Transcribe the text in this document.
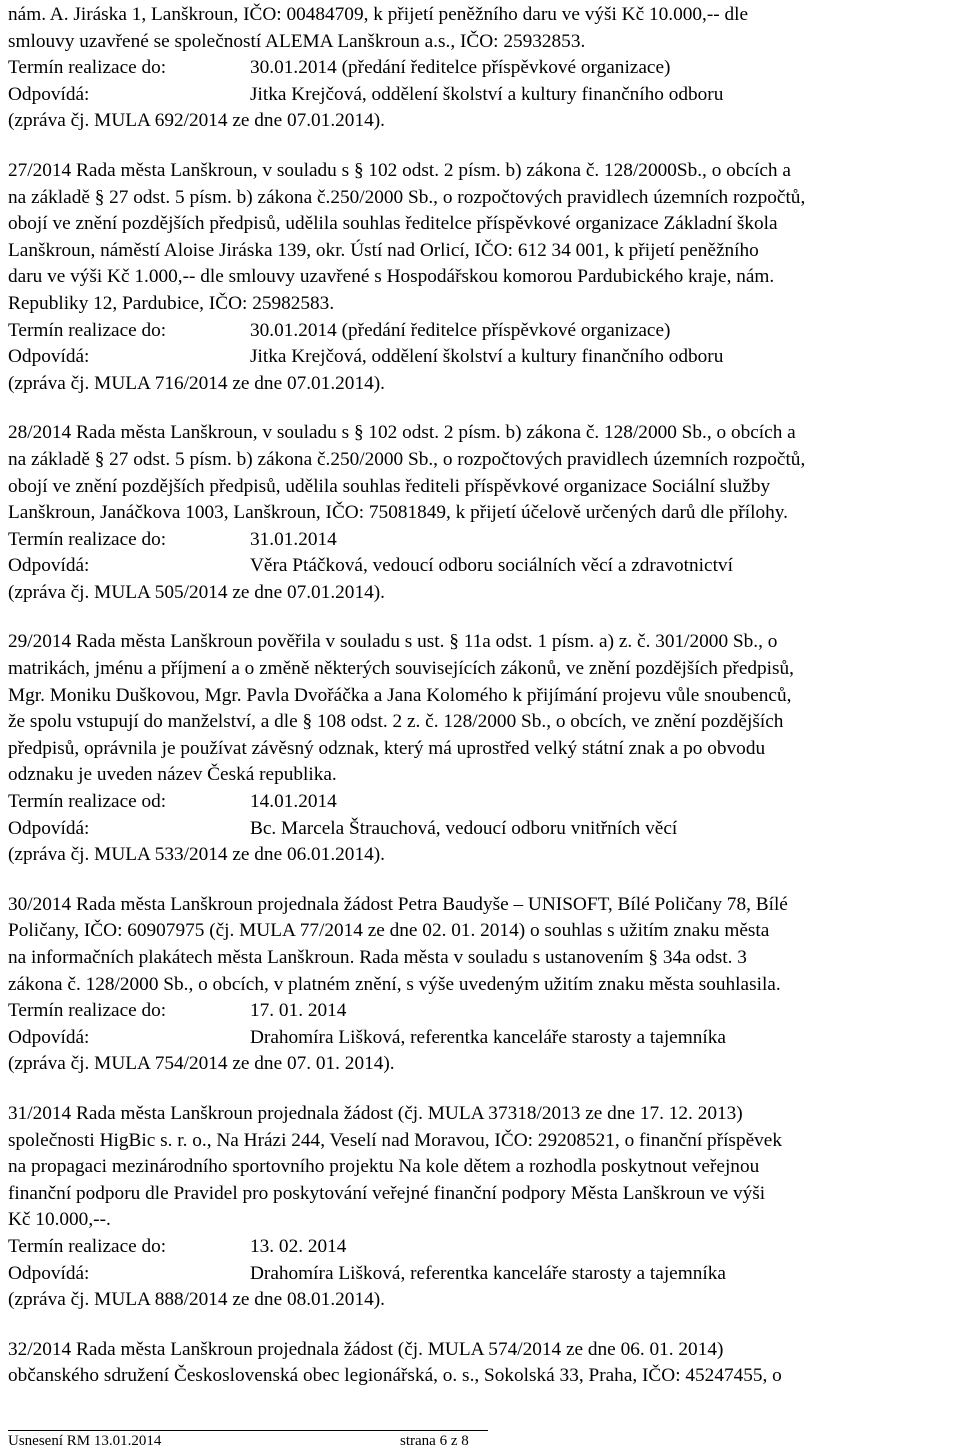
nám. A. Jiráska 1, Lanškroun, IČO: 00484709, k přijetí peněžního daru ve výši Kč 10.000,-- dle
smlouvy uzavřené se společností ALEMA Lanškroun a.s., IČO: 25932853.
Termín realizace do:	30.01.2014 (předání ředitelce příspěvkové organizace)
Odpovídá:	Jitka Krejčová, oddělení školství a kultury finančního odboru
(zpráva čj. MULA 692/2014 ze dne 07.01.2014).
27/2014 Rada města Lanškroun, v souladu s § 102 odst. 2 písm. b) zákona č. 128/2000Sb., o obcích a
na základě § 27 odst. 5 písm. b) zákona č.250/2000 Sb., o rozpočtových pravidlech územních rozpočtů,
obojí ve znění pozdějších předpisů, udělila souhlas ředitelce příspěvkové organizace Základní škola
Lanškroun, náměstí Aloise Jiráska 139, okr. Ústí nad Orlicí, IČO: 612 34 001, k přijetí peněžního
daru ve výši Kč 1.000,-- dle smlouvy uzavřené s Hospodářskou komorou Pardubického kraje, nám.
Republiky 12, Pardubice, IČO: 25982583.
Termín realizace do:	30.01.2014 (předání ředitelce příspěvkové organizace)
Odpovídá:	Jitka Krejčová, oddělení školství a kultury finančního odboru
(zpráva čj. MULA 716/2014 ze dne 07.01.2014).
28/2014 Rada města Lanškroun, v souladu s § 102 odst. 2 písm. b) zákona č. 128/2000 Sb., o obcích a
na základě § 27 odst. 5 písm. b) zákona č.250/2000 Sb., o rozpočtových pravidlech územních rozpočtů,
obojí ve znění pozdějších předpisů, udělila souhlas řediteli příspěvkové organizace Sociální služby
Lanškroun, Janáčkova 1003, Lanškroun, IČO: 75081849, k přijetí účelově určených darů dle přílohy.
Termín realizace do:	31.01.2014
Odpovídá:	Věra Ptáčková, vedoucí odboru sociálních věcí a zdravotnictví
(zpráva čj. MULA 505/2014 ze dne 07.01.2014).
29/2014 Rada města Lanškroun pověřila v souladu s ust. § 11a odst. 1 písm. a) z. č. 301/2000 Sb., o
matrikách, jménu a příjmení a o změně některých souvisejících zákonů, ve znění pozdějších předpisů,
Mgr. Moniku Duškovou, Mgr. Pavla Dvořáčka a Jana Kolomého k přijímání projevu vůle snoubenců,
že spolu vstupují do manželství, a dle § 108 odst. 2 z. č. 128/2000 Sb., o obcích, ve znění pozdějších
předpisů, oprávnila je používat závěsný odznak, který má uprostřed velký státní znak a po obvodu
odznaku je uveden název Česká republika.
Termín realizace od:	14.01.2014
Odpovídá:	Bc. Marcela Štrauchová, vedoucí odboru vnitřních věcí
(zpráva čj. MULA 533/2014 ze dne 06.01.2014).
30/2014 Rada města Lanškroun projednala žádost Petra Baudyše – UNISOFT, Bílé Poličany 78, Bílé
Poličany, IČO: 60907975 (čj. MULA 77/2014 ze dne 02. 01. 2014) o souhlas s užitím znaku města
na informačních plakátech města Lanškroun. Rada města v souladu s ustanovením § 34a odst. 3
zákona č. 128/2000 Sb., o obcích, v platném znění, s výše uvedeným užitím znaku města souhlasila.
Termín realizace do:	17. 01. 2014
Odpovídá:	Drahomíra Lišková, referentka kanceláře starosty a tajemníka
(zpráva čj. MULA 754/2014 ze dne 07. 01. 2014).
31/2014 Rada města Lanškroun projednala žádost (čj. MULA 37318/2013 ze dne 17. 12. 2013)
společnosti HigBic s. r. o., Na Hrázi 244, Veselí nad Moravou, IČO: 29208521, o finanční příspěvek
na propagaci mezinárodního sportovního projektu Na kole dětem a rozhodla poskytnout veřejnou
finanční podporu dle Pravidel pro poskytování veřejné finanční podpory Města Lanškroun ve výši
Kč 10.000,--.
Termín realizace do:	13. 02. 2014
Odpovídá:	Drahomíra Lišková, referentka kanceláře starosty a tajemníka
(zpráva čj. MULA 888/2014 ze dne 08.01.2014).
32/2014 Rada města Lanškroun projednala žádost (čj. MULA 574/2014 ze dne 06. 01. 2014)
občanského sdružení Československá obec legionářská, o. s., Sokolská 33, Praha, IČO: 45247455, o
Usnesení RM 13.01.2014	strana 6 z 8
